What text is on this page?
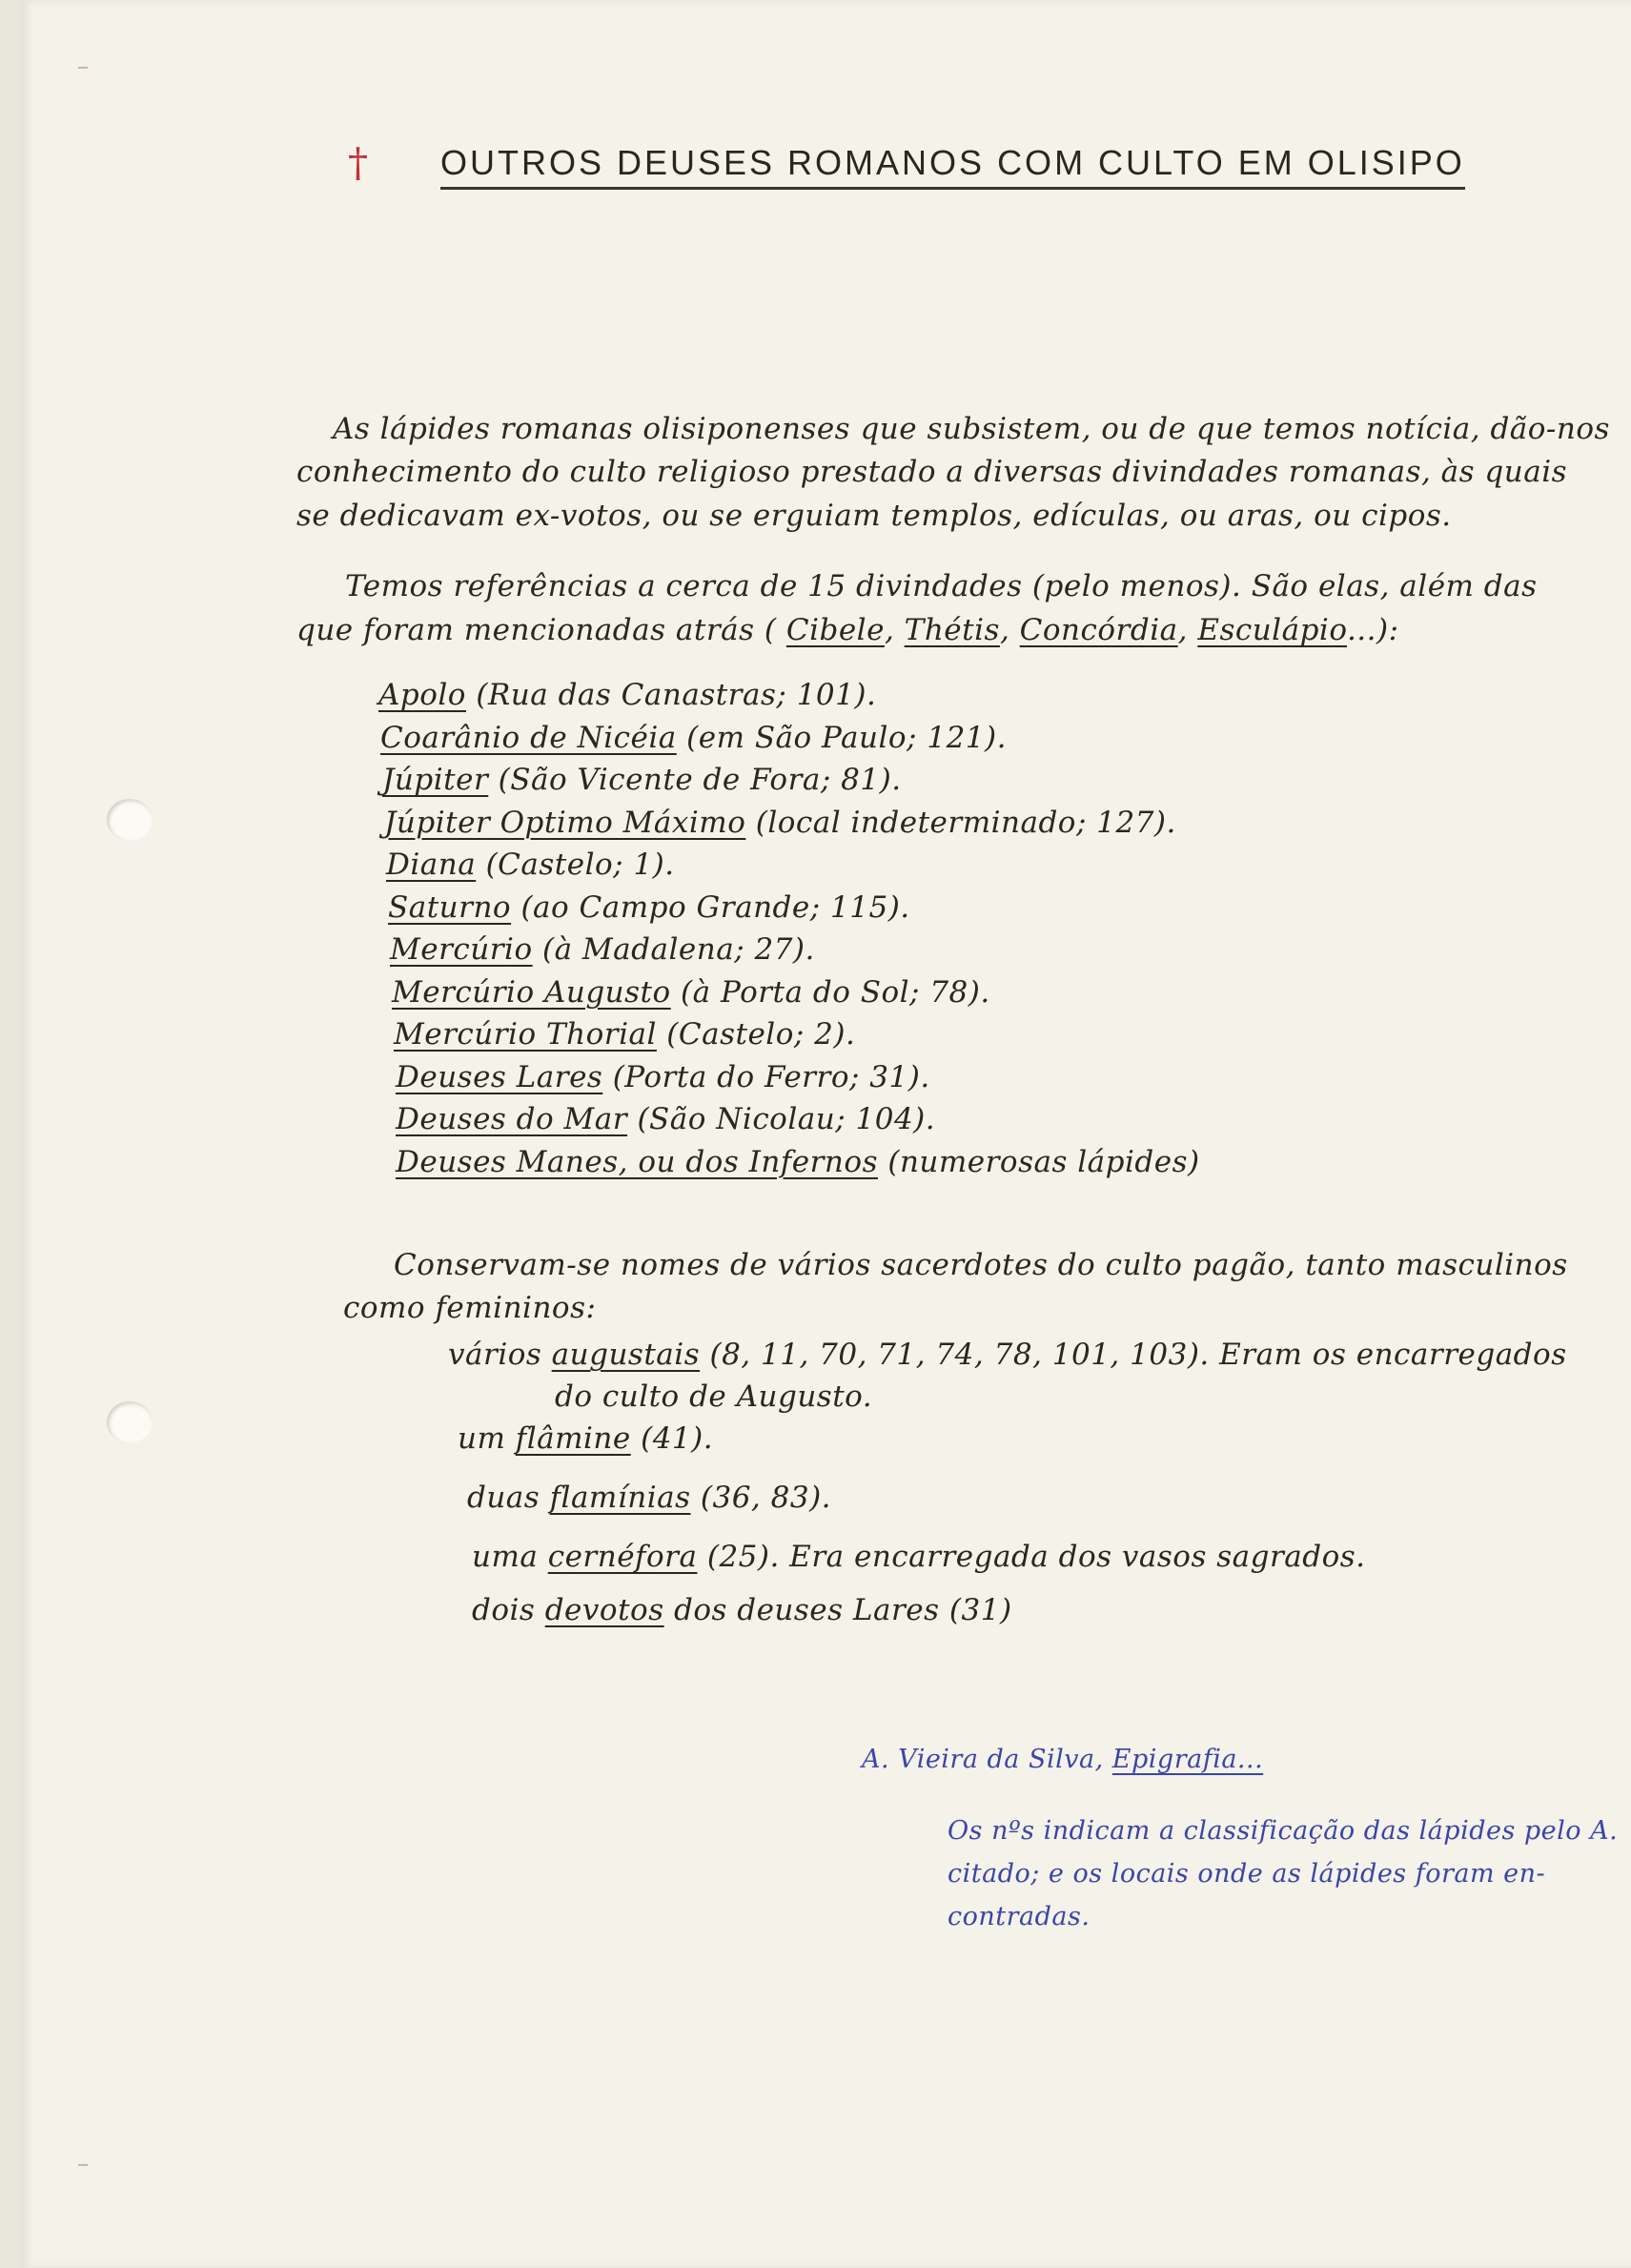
† OUTROS DEUSES ROMANOS COM CULTO EM OLISIPO
As lápides romanas olisiponenses que subsistem, ou de que temos notícia, dão-nos
conhecimento do culto religioso prestado a diversas divindades romanas, às quais
se dedicavam ex-votos, ou se erguiam templos, edículas, ou aras, ou cipos.
Temos referências a cerca de 15 divindades (pelo menos). São elas, além das
que foram mencionadas atrás ( Cibele, Thétis, Concórdia, Esculápio...):
Apolo (Rua das Canastras; 101).
Coarânio de Nicéia (em São Paulo; 121).
Júpiter (São Vicente de Fora; 81).
Júpiter Optimo Máximo (local indeterminado; 127).
Diana (Castelo; 1).
Saturno (ao Campo Grande; 115).
Mercúrio (à Madalena; 27).
Mercúrio Augusto (à Porta do Sol; 78).
Mercúrio Thorial (Castelo; 2).
Deuses Lares (Porta do Ferro; 31).
Deuses do Mar (São Nicolau; 104).
Deuses Manes, ou dos Infernos (numerosas lápides)
Conservam-se nomes de vários sacerdotes do culto pagão, tanto masculinos
como femininos:
vários augustais (8, 11, 70, 71, 74, 78, 101, 103). Eram os encarregados
um flâmine (41).
duas flamínias (36, 83).
uma cernéfora (25). Era encarregada dos vasos sagrados.
dois devotos dos deuses Lares (31)
do culto de Augusto.
A. Vieira da Silva, Epigrafia...
Os nºs indicam a classificação das lápides pelo A.
citado; e os locais onde as lápides foram en-
contradas.
